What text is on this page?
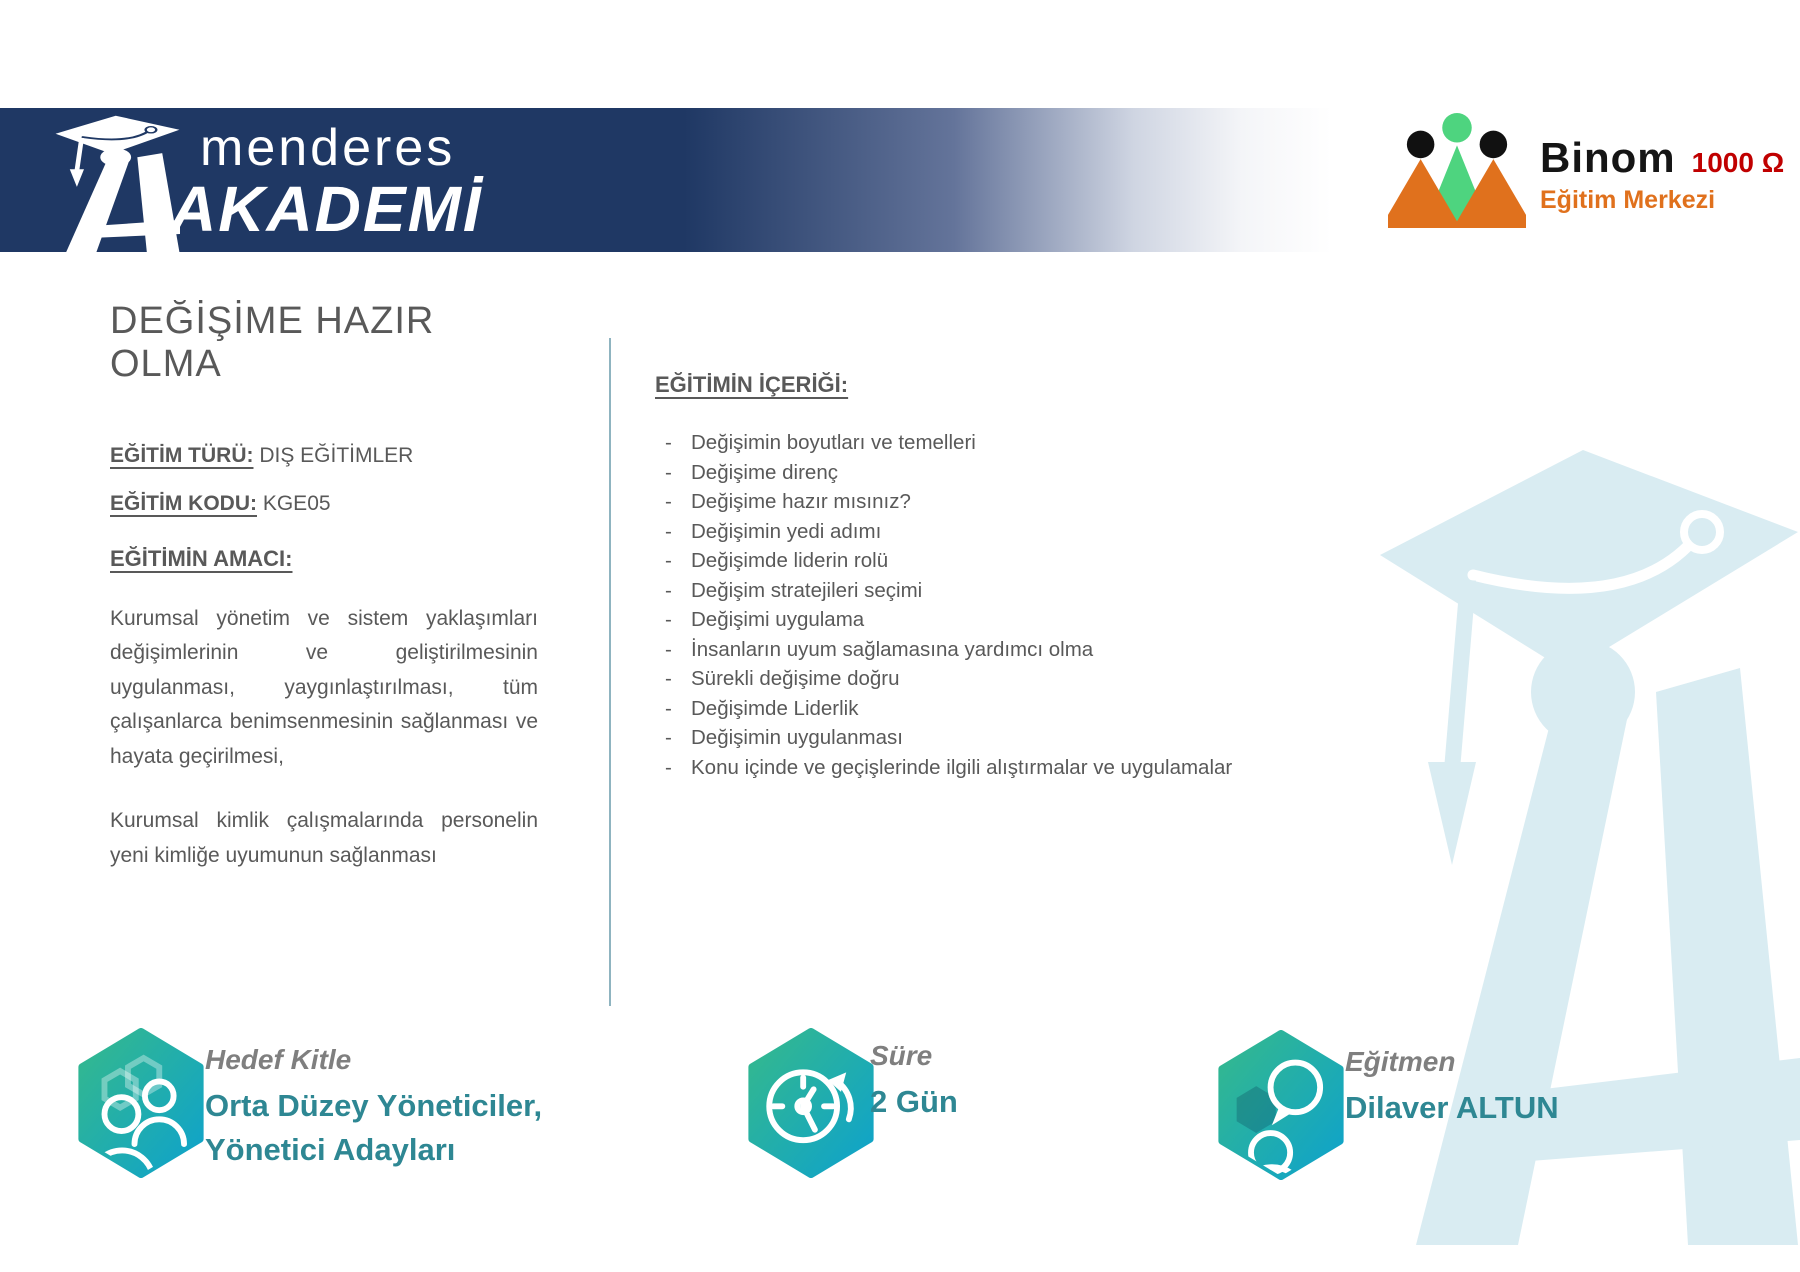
menderes
AKADEMİ
Binom 1000 Ω
Eğitim Merkezi
DEĞİŞİME HAZIR OLMA
EĞİTİM TÜRÜ: DIŞ EĞİTİMLER
EĞİTİM KODU: KGE05
EĞİTİMİN AMACI:

Kurumsal yönetim ve sistem yaklaşımları değişimlerinin ve geliştirilmesinin uygulanması, yaygınlaştırılması, tüm çalışanlarca benimsenmesinin sağlanması ve hayata geçirilmesi,

Kurumsal kimlik çalışmalarında personelin yeni kimliğe uyumunun sağlanması

EĞİTİMİN İÇERİĞİ:
- Değişimin boyutları ve temelleri
- Değişime direnç
- Değişime hazır mısınız?
- Değişimin yedi adımı
- Değişimde liderin rolü
- Değişim stratejileri seçimi
- Değişimi uygulama
- İnsanların uyum sağlamasına yardımcı olma
- Sürekli değişime doğru
- Değişimde Liderlik
- Değişimin uygulanması
- Konu içinde ve geçişlerinde ilgili alıştırmalar ve uygulamalar
Hedef Kitle
Orta Düzey Yöneticiler,
Yönetici Adayları
Süre
2 Gün
Eğitmen
Dilaver ALTUN
